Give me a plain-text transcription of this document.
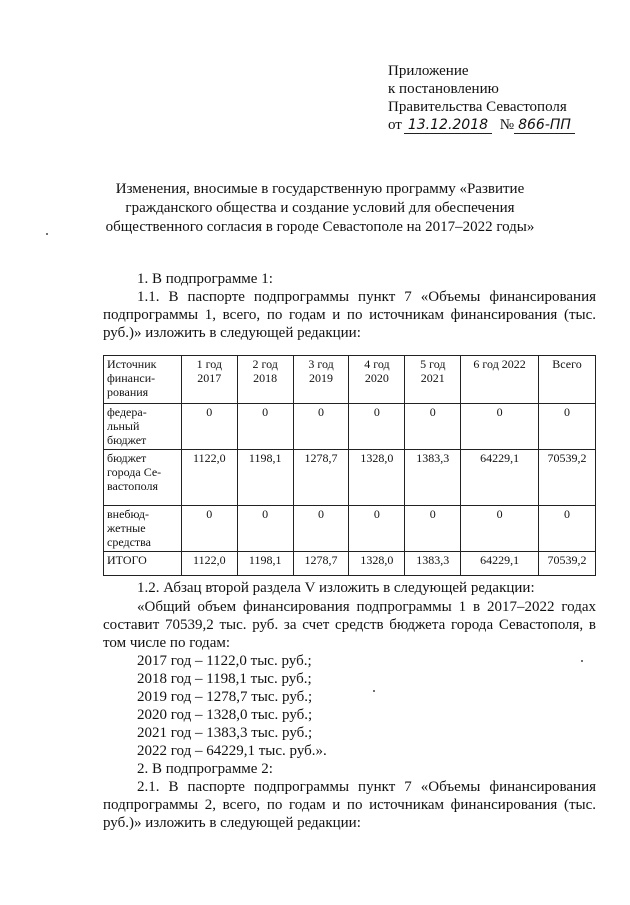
Приложение
к постановлению
Правительства Севастополя
от 13.12.2018 № 866-ПП
Изменения, вносимые в государственную программу «Развитие гражданского общества и создание условий для обеспечения общественного согласия в городе Севастополе на 2017–2022 годы»
1. В подпрограмме 1:
1.1. В паспорте подпрограммы пункт 7 «Объемы финансирования подпрограммы 1, всего, по годам и по источникам финансирования (тыс. руб.)» изложить в следующей редакции:
Источник финанси-рования	1 год 2017	2 год 2018	3 год 2019	4 год 2020	5 год 2021	6 год 2022	Всего
федера-льный бюджет	0	0	0	0	0	0	0
бюджет города Се-вастополя	1122,0	1198,1	1278,7	1328,0	1383,3	64229,1	70539,2
внебюд-жетные средства	0	0	0	0	0	0	0
ИТОГО	1122,0	1198,1	1278,7	1328,0	1383,3	64229,1	70539,2
1.2. Абзац второй раздела V изложить в следующей редакции:
«Общий объем финансирования подпрограммы 1 в 2017–2022 годах составит 70539,2 тыс. руб. за счет средств бюджета города Севастополя, в том числе по годам:
2017 год – 1122,0 тыс. руб.;
2018 год – 1198,1 тыс. руб.;
2019 год – 1278,7 тыс. руб.;
2020 год – 1328,0 тыс. руб.;
2021 год – 1383,3 тыс. руб.;
2022 год – 64229,1 тыс. руб.».
2. В подпрограмме 2:
2.1. В паспорте подпрограммы пункт 7 «Объемы финансирования подпрограммы 2, всего, по годам и по источникам финансирования (тыс. руб.)» изложить в следующей редакции:
